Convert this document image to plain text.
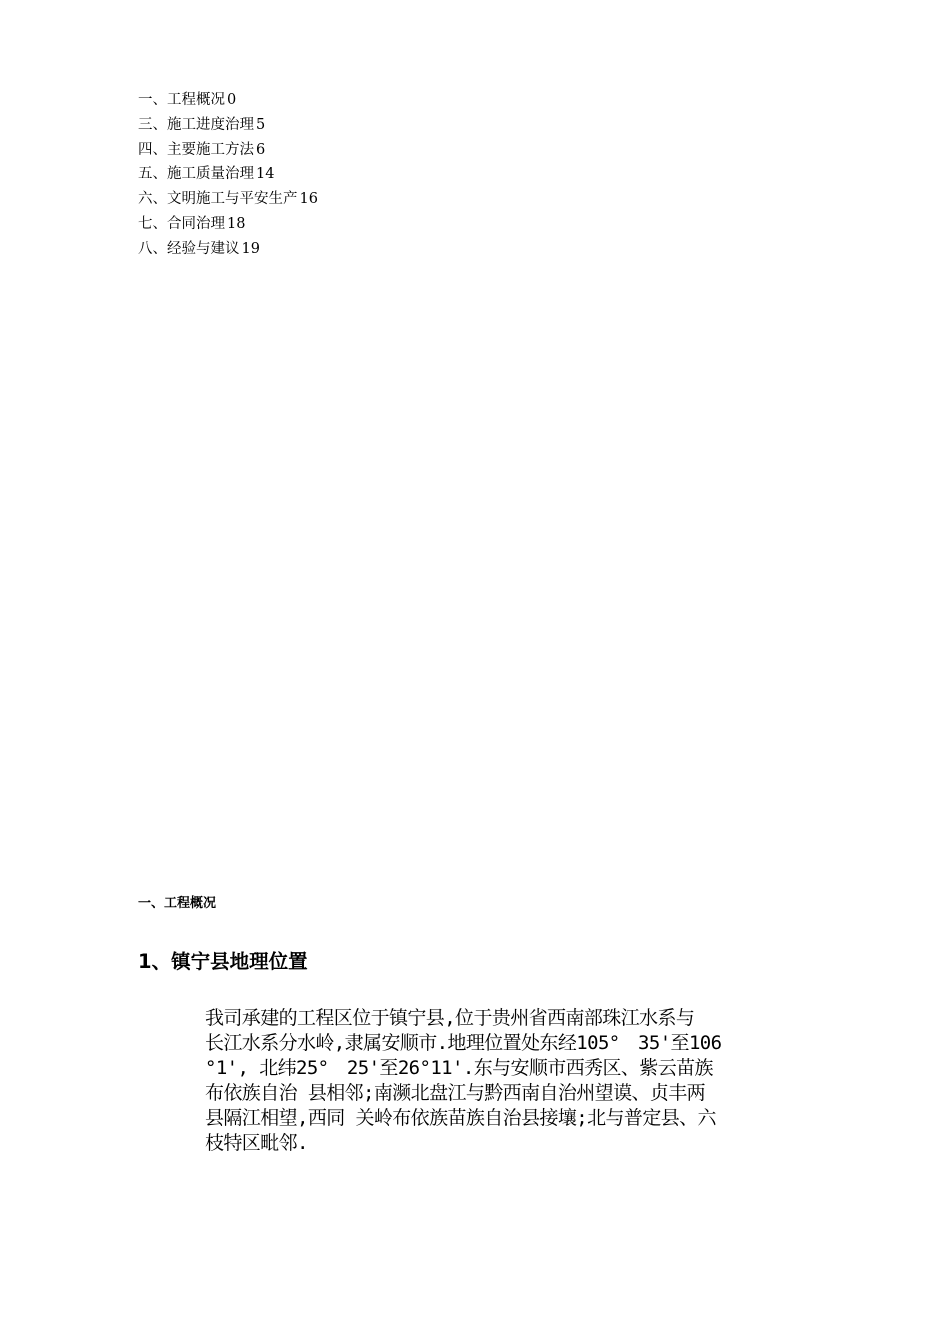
一、工程概况 0
三、施工进度治理 5
四、主要施工方法 6
五、施工质量治理 14
六、文明施工与平安生产 16
七、合同治理 18
八、经验与建议 19
一、工程概况
1、镇宁县地理位置

我司承建的工程区位于镇宁县,位于贵州省西南部珠江水系与
长江水系分水岭,隶属安顺市.地理位置处东经105°　35'至106
°1', 北纬25°　25'至26°11'.东与安顺市西秀区、紫云苗族
布依族自治 县相邻;南濒北盘江与黔西南自治州望谟、贞丰两
县隔江相望,西同 关岭布依族苗族自治县接壤;北与普定县、六
枝特区毗邻.
